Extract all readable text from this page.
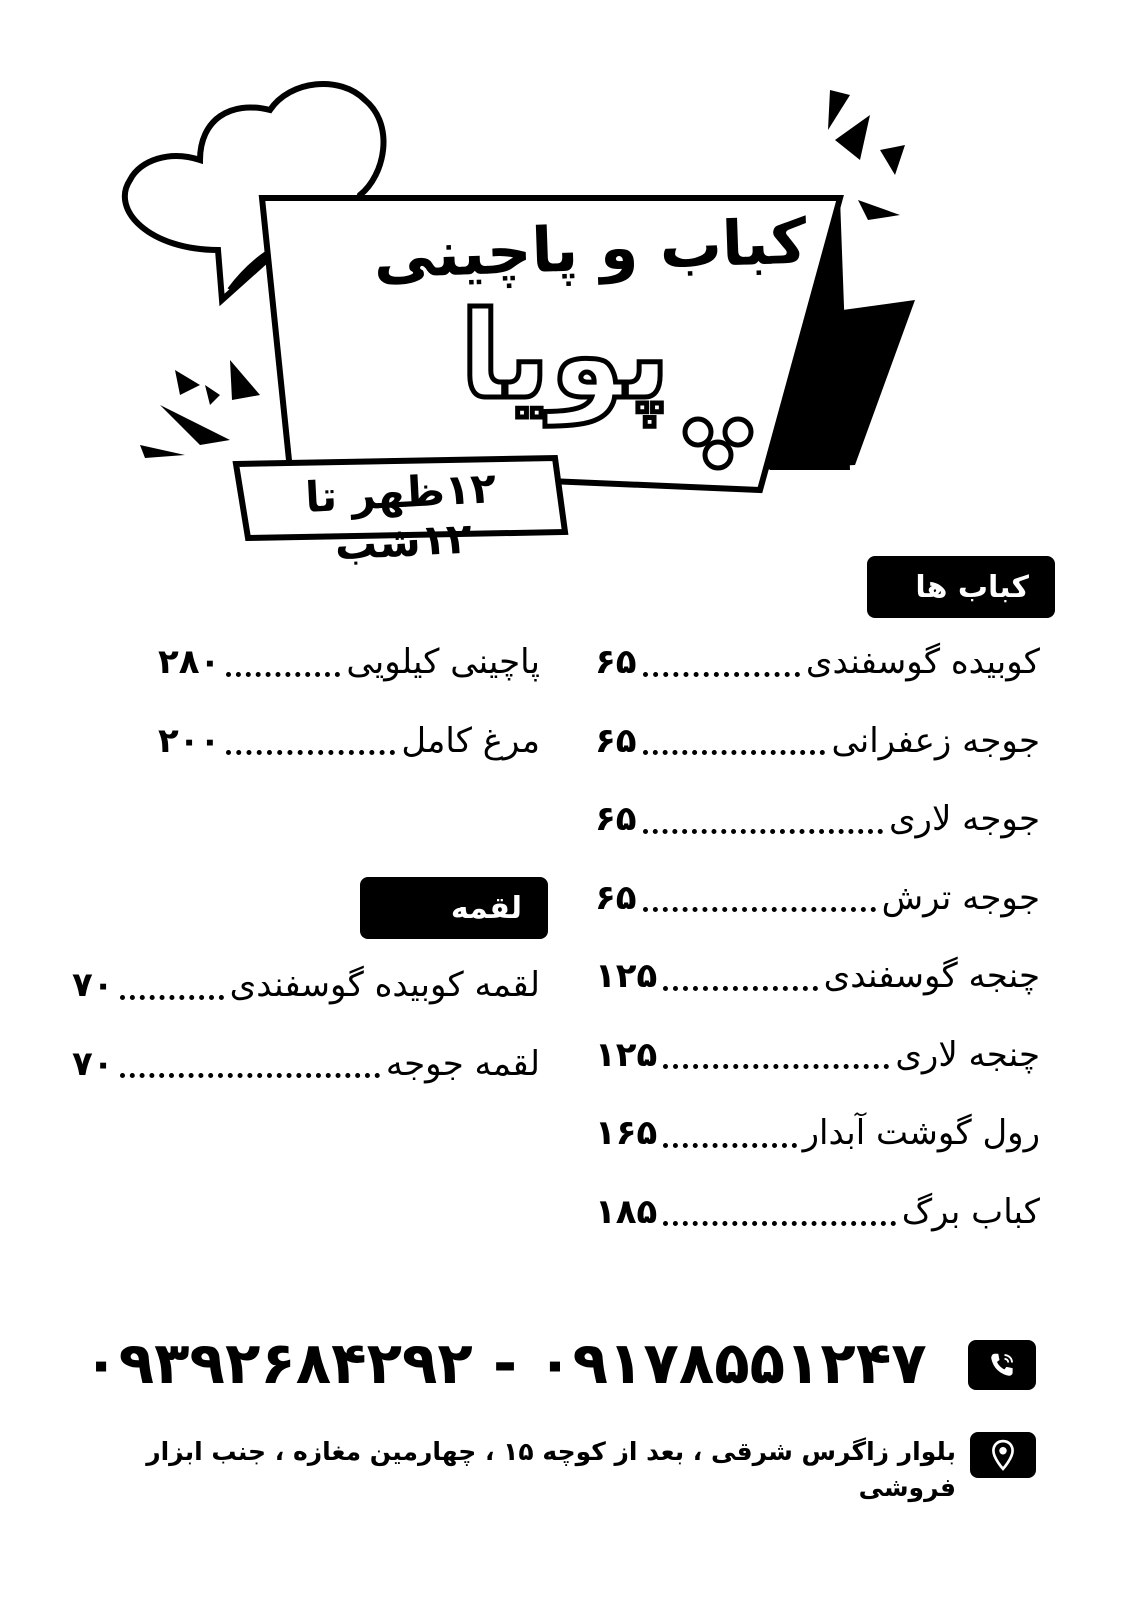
کباب و پاچینی
پویا
۱۲ظهر تا ۱۲شب
کباب ها
کوبیده گوسفندی
۶۵
جوجه زعفرانی
۶۵
جوجه لاری
۶۵
جوجه ترش
۶۵
چنجه گوسفندی
۱۲۵
چنجه لاری
۱۲۵
رول گوشت آبدار
۱۶۵
کباب برگ
۱۸۵
پاچینی کیلویی
۲۸۰
مرغ کامل
۲۰۰
لقمه
لقمه کوبیده گوسفندی
۷۰
لقمه جوجه
۷۰
۰۹۳۹۲۶۸۴۲۹۲ - ۰۹۱۷۸۵۵۱۲۴۷
بلوار زاگرس شرقی ، بعد از کوچه ۱۵ ، چهارمین مغازه ، جنب ابزار فروشی
